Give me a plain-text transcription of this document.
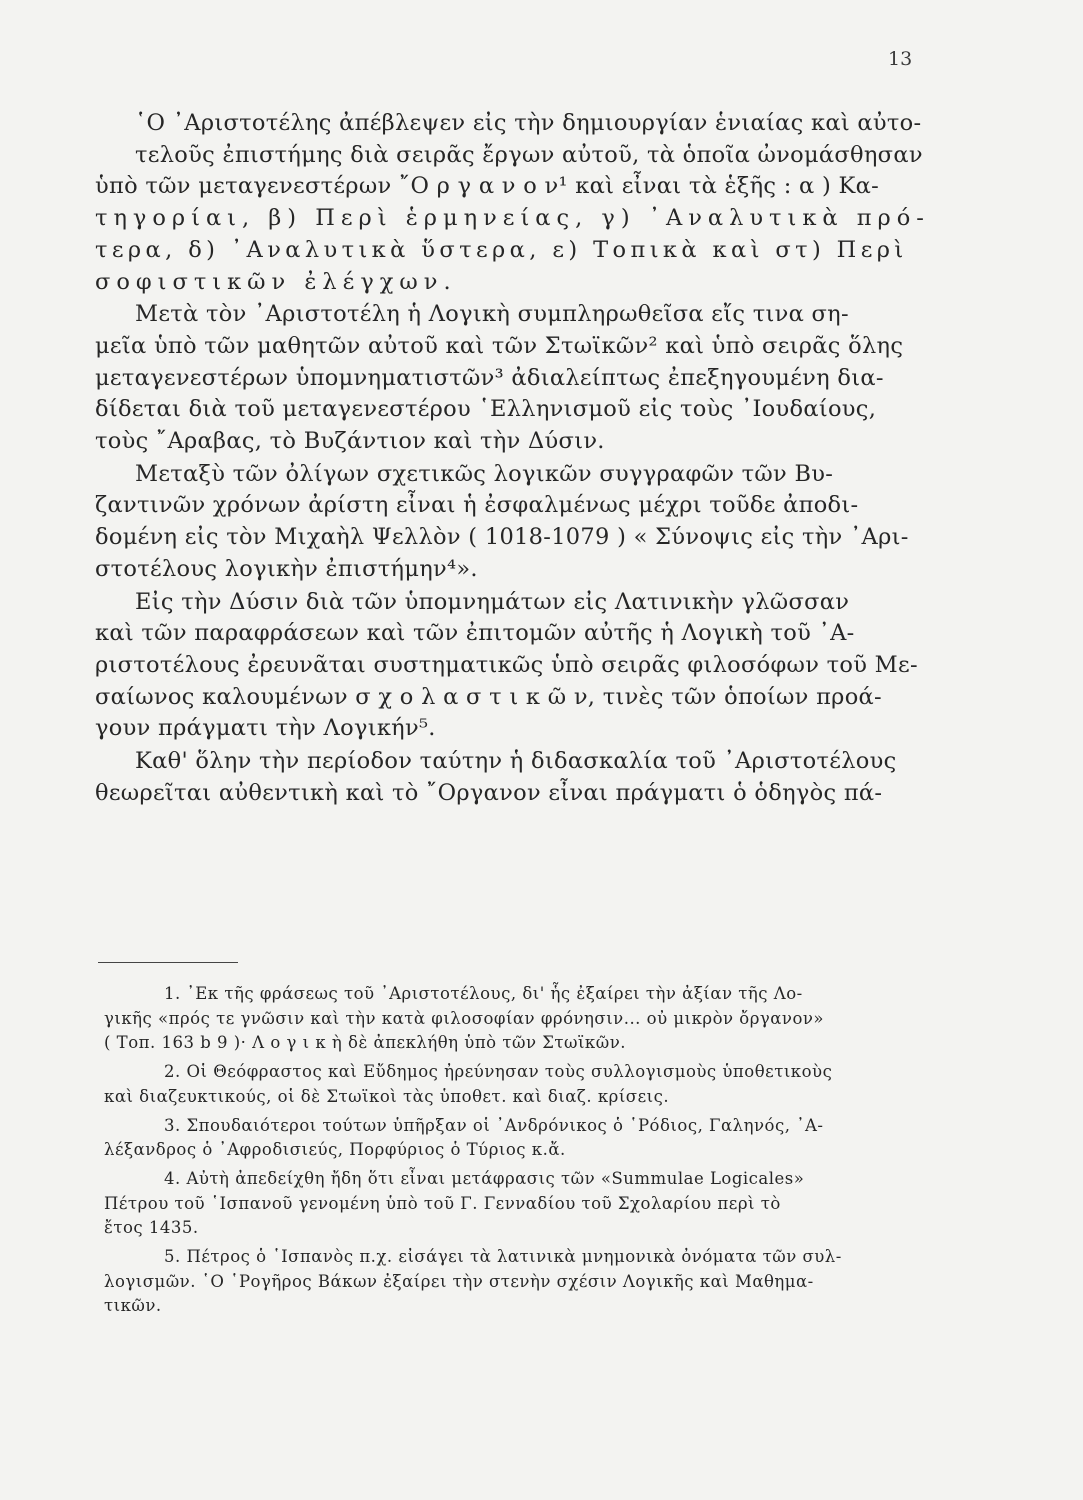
13
῾Ο ᾿Αριστοτέλης ἀπέβλεψεν εἰς τὴν δημιουργίαν ἑνιαίας καὶ αὐτο-
τελοῦς ἐπιστήμης διὰ σειρᾶς ἔργων αὐτοῦ, τὰ ὁποῖα ὠνομάσθησαν
ὑπὸ τῶν μεταγενεστέρων ῎Ο ρ γ α ν ο ν¹ καὶ εἶναι τὰ ἑξῆς : α ) Κα-
τηγορίαι, β) Περὶ ἑρμηνείας, γ) ᾿Αναλυτικὰ πρό-
τερα, δ) ᾿Αναλυτικὰ ὕστερα, ε) Τοπικὰ καὶ στ) Περὶ
σοφιστικῶν ἐλέγχων.
Μετὰ τὸν ᾿Αριστοτέλη ἡ Λογικὴ συμπληρωθεῖσα εἴς τινα ση-
μεῖα ὑπὸ τῶν μαθητῶν αὐτοῦ καὶ τῶν Στωϊκῶν² καὶ ὑπὸ σειρᾶς ὅλης
μεταγενεστέρων ὑπομνηματιστῶν³ ἀδιαλείπτως ἐπεξηγουμένη δια-
δίδεται διὰ τοῦ μεταγενεστέρου ῾Ελληνισμοῦ εἰς τοὺς ᾿Ιουδαίους,
τοὺς ῎Αραβας, τὸ Βυζάντιον καὶ τὴν Δύσιν.
Μεταξὺ τῶν ὀλίγων σχετικῶς λογικῶν συγγραφῶν τῶν Βυ-
ζαντινῶν χρόνων ἀρίστη εἶναι ἡ ἐσφαλμένως μέχρι τοῦδε ἀποδι-
δομένη εἰς τὸν Μιχαὴλ Ψελλὸν ( 1018-1079 ) « Σύνοψις εἰς τὴν ᾿Αρι-
στοτέλους λογικὴν ἐπιστήμην⁴».
Εἰς τὴν Δύσιν διὰ τῶν ὑπομνημάτων εἰς Λατινικὴν γλῶσσαν
καὶ τῶν παραφράσεων καὶ τῶν ἐπιτομῶν αὐτῆς ἡ Λογικὴ τοῦ ᾿Α-
ριστοτέλους ἐρευνᾶται συστηματικῶς ὑπὸ σειρᾶς φιλοσόφων τοῦ Με-
σαίωνος καλουμένων σ χ ο λ α σ τ ι κ ῶ ν, τινὲς τῶν ὁποίων προά-
γουν πράγματι τὴν Λογικήν⁵.
Καθ' ὅλην τὴν περίοδον ταύτην ἡ διδασκαλία τοῦ ᾿Αριστοτέλους
θεωρεῖται αὐθεντικὴ καὶ τὸ ῎Οργανον εἶναι πράγματι ὁ ὁδηγὸς πά-
1. ᾿Εκ τῆς φράσεως τοῦ ᾿Αριστοτέλους, δι' ἧς ἐξαίρει τὴν ἀξίαν τῆς Λο-
γικῆς «πρός τε γνῶσιν καὶ τὴν κατὰ φιλοσοφίαν φρόνησιν... οὐ μικρὸν ὄργανον»
( Τοπ. 163 b 9 )· Λ ο γ ι κ ὴ δὲ ἀπεκλήθη ὑπὸ τῶν Στωϊκῶν.
2. Οἱ Θεόφραστος καὶ Εὔδημος ἠρεύνησαν τοὺς συλλογισμοὺς ὑποθετικοὺς
καὶ διαζευκτικούς, οἱ δὲ Στωϊκοὶ τὰς ὑποθετ. καὶ διαζ. κρίσεις.
3. Σπουδαιότεροι τούτων ὑπῆρξαν οἱ ᾿Ανδρόνικος ὁ ῾Ρόδιος, Γαληνός, ᾿Α-
λέξανδρος ὁ ᾿Αφροδισιεύς, Πορφύριος ὁ Τύριος κ.ἄ.
4. Αὐτὴ ἀπεδείχθη ἤδη ὅτι εἶναι μετάφρασις τῶν «Summulae Logicales»
Πέτρου τοῦ ῾Ισπανοῦ γενομένη ὑπὸ τοῦ Γ. Γενναδίου τοῦ Σχολαρίου περὶ τὸ
ἔτος 1435.
5. Πέτρος ὁ ῾Ισπανὸς π.χ. εἰσάγει τὰ λατινικὰ μνημονικὰ ὀνόματα τῶν συλ-
λογισμῶν. ῾Ο ῾Ρογῆρος Βάκων ἐξαίρει τὴν στενὴν σχέσιν Λογικῆς καὶ Μαθημα-
τικῶν.
